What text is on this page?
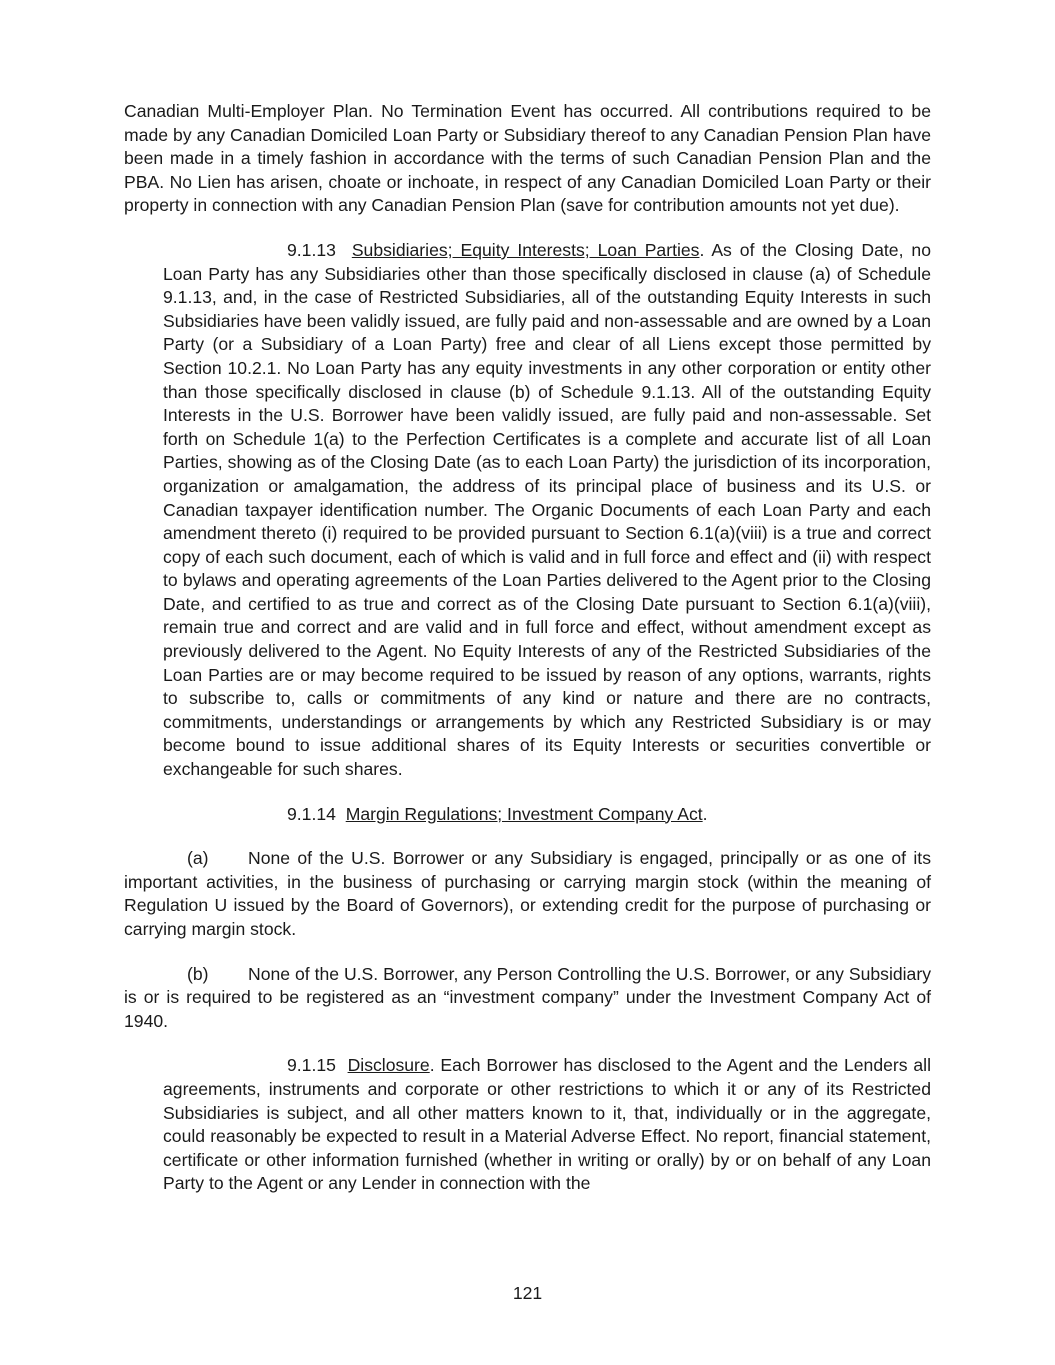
Canadian Multi-Employer Plan. No Termination Event has occurred. All contributions required to be made by any Canadian Domiciled Loan Party or Subsidiary thereof to any Canadian Pension Plan have been made in a timely fashion in accordance with the terms of such Canadian Pension Plan and the PBA. No Lien has arisen, choate or inchoate, in respect of any Canadian Domiciled Loan Party or their property in connection with any Canadian Pension Plan (save for contribution amounts not yet due).

9.1.13 Subsidiaries; Equity Interests; Loan Parties. As of the Closing Date, no Loan Party has any Subsidiaries other than those specifically disclosed in clause (a) of Schedule 9.1.13, and, in the case of Restricted Subsidiaries, all of the outstanding Equity Interests in such Subsidiaries have been validly issued, are fully paid and non-assessable and are owned by a Loan Party (or a Subsidiary of a Loan Party) free and clear of all Liens except those permitted by Section 10.2.1. No Loan Party has any equity investments in any other corporation or entity other than those specifically disclosed in clause (b) of Schedule 9.1.13. All of the outstanding Equity Interests in the U.S. Borrower have been validly issued, are fully paid and non-assessable. Set forth on Schedule 1(a) to the Perfection Certificates is a complete and accurate list of all Loan Parties, showing as of the Closing Date (as to each Loan Party) the jurisdiction of its incorporation, organization or amalgamation, the address of its principal place of business and its U.S. or Canadian taxpayer identification number. The Organic Documents of each Loan Party and each amendment thereto (i) required to be provided pursuant to Section 6.1(a)(viii) is a true and correct copy of each such document, each of which is valid and in full force and effect and (ii) with respect to bylaws and operating agreements of the Loan Parties delivered to the Agent prior to the Closing Date, and certified to as true and correct as of the Closing Date pursuant to Section 6.1(a)(viii), remain true and correct and are valid and in full force and effect, without amendment except as previously delivered to the Agent. No Equity Interests of any of the Restricted Subsidiaries of the Loan Parties are or may become required to be issued by reason of any options, warrants, rights to subscribe to, calls or commitments of any kind or nature and there are no contracts, commitments, understandings or arrangements by which any Restricted Subsidiary is or may become bound to issue additional shares of its Equity Interests or securities convertible or exchangeable for such shares.

9.1.14 Margin Regulations; Investment Company Act.

(a) None of the U.S. Borrower or any Subsidiary is engaged, principally or as one of its important activities, in the business of purchasing or carrying margin stock (within the meaning of Regulation U issued by the Board of Governors), or extending credit for the purpose of purchasing or carrying margin stock.

(b) None of the U.S. Borrower, any Person Controlling the U.S. Borrower, or any Subsidiary is or is required to be registered as an “investment company” under the Investment Company Act of 1940.

9.1.15 Disclosure. Each Borrower has disclosed to the Agent and the Lenders all agreements, instruments and corporate or other restrictions to which it or any of its Restricted Subsidiaries is subject, and all other matters known to it, that, individually or in the aggregate, could reasonably be expected to result in a Material Adverse Effect. No report, financial statement, certificate or other information furnished (whether in writing or orally) by or on behalf of any Loan Party to the Agent or any Lender in connection with the

121
